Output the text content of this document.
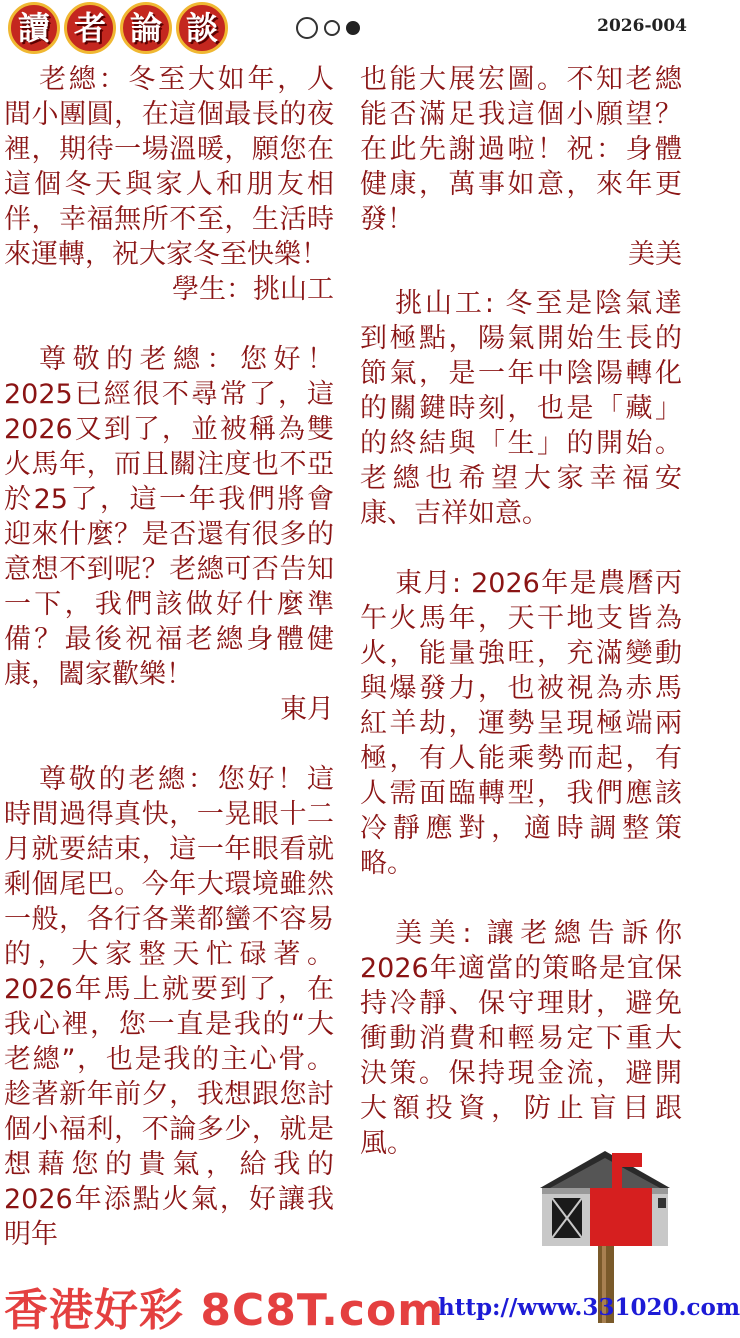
讀 者 論 談	2026-004

老總：冬至大如年，人間小團圓，在這個最長的夜裡，期待一場溫暖，願您在這個冬天與家人和朋友相伴，幸福無所不至，生活時來運轉，祝大家冬至快樂！

學生：挑山工

尊敬的老總：您好！2025已經很不尋常了，這2026又到了，並被稱為雙火馬年，而且關注度也不亞於25了，這一年我們將會迎來什麼？是否還有很多的意想不到呢？老總可否告知一下，我們該做好什麼準備？最後祝福老總身體健康，闔家歡樂！

東月

尊敬的老總：您好！這時間過得真快，一晃眼十二月就要結束，這一年眼看就剩個尾巴。今年大環境雖然一般，各行各業都蠻不容易的，大家整天忙碌著。 2026年馬上就要到了，在我心裡，您一直是我的“大老總”，也是我的主心骨。趁著新年前夕，我想跟您討個小福利，不論多少，就是想藉您的貴氣，給我的2026年添點火氣，好讓我明年

也能大展宏圖。不知老總能否滿足我這個小願望？在此先謝過啦！祝：身體健康，萬事如意，來年更發！

美美

挑山工: 冬至是陰氣達到極點，陽氣開始生長的節氣，是一年中陰陽轉化的關鍵時刻，也是「藏」的終結與「生」的開始。老總也希望大家幸福安康、吉祥如意。

東月: 2026年是農曆丙午火馬年，天干地支皆為火，能量強旺，充滿變動與爆發力，也被視為赤馬紅羊劫，運勢呈現極端兩極，有人能乘勢而起，有人需面臨轉型，我們應該冷靜應對，適時調整策略。

美美: 讓老總告訴你2026年適當的策略是宜保持冷靜、保守理財，避免衝動消費和輕易定下重大決策。保持現金流，避開大額投資，防止盲目跟風。

香港好彩 8C8T.com
http://www.331020.com
